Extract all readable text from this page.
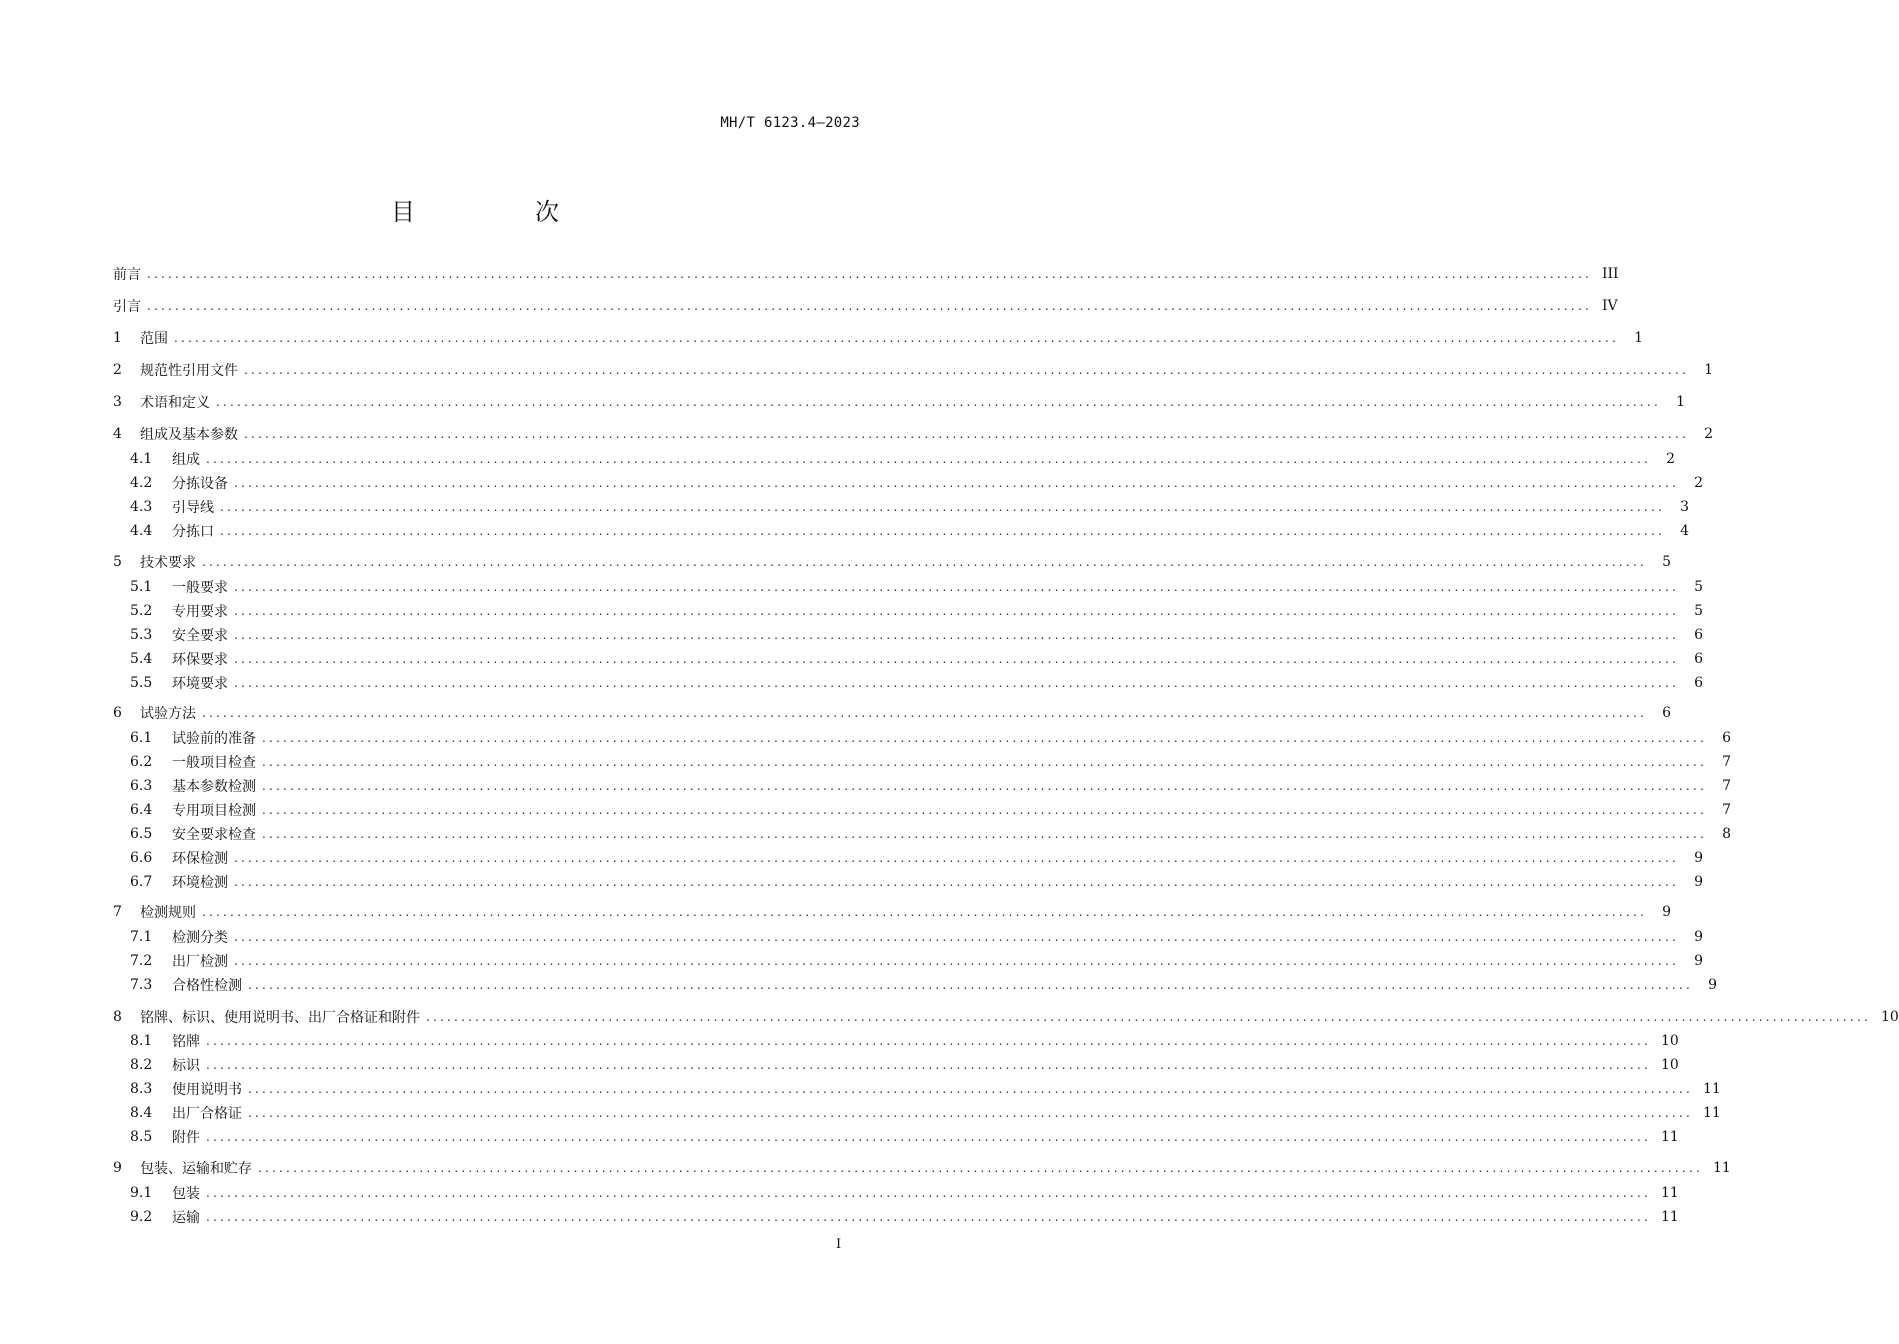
MH/T 6123.4—2023
目　次
前言 .............................................................................................................................................................................................................. III
引言 .............................................................................................................................................................................................................. IV
1	范围 ..............................................................................................................................................................................................................	1
2	规范性引用文件 ..............................................................................................................................................................................................................	1
3	术语和定义 ..............................................................................................................................................................................................................	1
4	组成及基本参数 ..............................................................................................................................................................................................................	2
4.1	组成 ..............................................................................................................................................................................................................	2
4.2	分拣设备 ..............................................................................................................................................................................................................	2
4.3	引导线 ..............................................................................................................................................................................................................	3
4.4	分拣口 ..............................................................................................................................................................................................................	4
5	技术要求 ..............................................................................................................................................................................................................	5
5.1	一般要求 ..............................................................................................................................................................................................................	5
5.2	专用要求 ..............................................................................................................................................................................................................	5
5.3	安全要求 ..............................................................................................................................................................................................................	6
5.4	环保要求 ..............................................................................................................................................................................................................	6
5.5	环境要求 ..............................................................................................................................................................................................................	6
6	试验方法 ..............................................................................................................................................................................................................	6
6.1	试验前的准备 ..............................................................................................................................................................................................................	6
6.2	一般项目检查 ..............................................................................................................................................................................................................	7
6.3	基本参数检测 ..............................................................................................................................................................................................................	7
6.4	专用项目检测 ..............................................................................................................................................................................................................	7
6.5	安全要求检查 ..............................................................................................................................................................................................................	8
6.6	环保检测 ..............................................................................................................................................................................................................	9
6.7	环境检测 ..............................................................................................................................................................................................................	9
7	检测规则 ..............................................................................................................................................................................................................	9
7.1	检测分类 ..............................................................................................................................................................................................................	9
7.2	出厂检测 ..............................................................................................................................................................................................................	9
7.3	合格性检测 ..............................................................................................................................................................................................................	9
8	铭牌、标识、使用说明书、出厂合格证和附件 .............................................................................................................................................................................................................. 10
8.1	铭牌 .............................................................................................................................................................................................................. 10
8.2	标识 .............................................................................................................................................................................................................. 10
8.3	使用说明书 .............................................................................................................................................................................................................. 11
8.4	出厂合格证 .............................................................................................................................................................................................................. 11
8.5	附件 .............................................................................................................................................................................................................. 11
9	包装、运输和贮存 .............................................................................................................................................................................................................. 11
9.1	包装 .............................................................................................................................................................................................................. 11
9.2	运输 .............................................................................................................................................................................................................. 11
I
